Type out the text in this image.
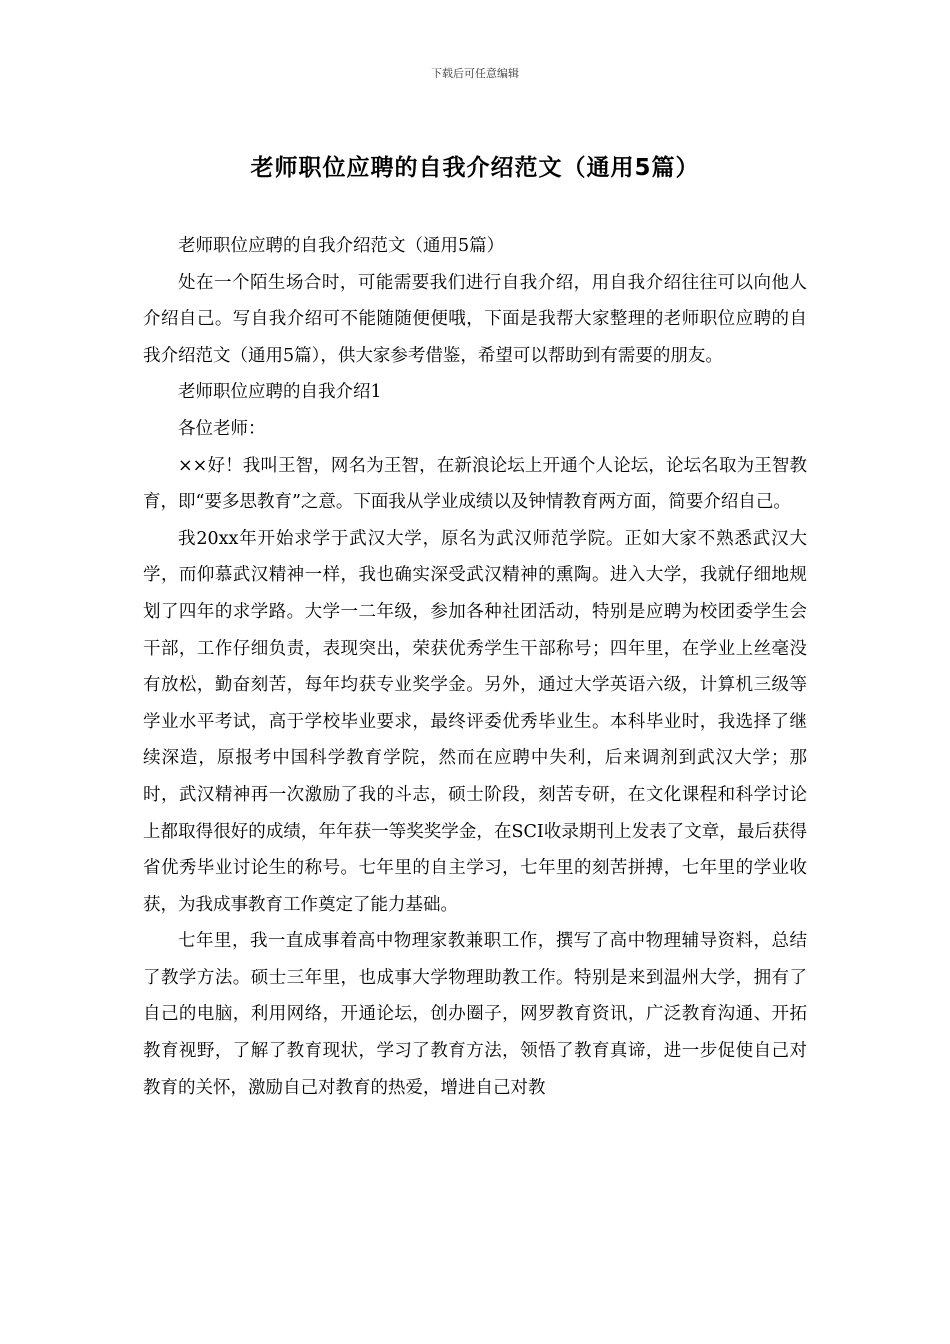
下载后可任意编辑
老师职位应聘的自我介绍范文（通用5篇）

老师职位应聘的自我介绍范文（通用5篇）

处在一个陌生场合时，可能需要我们进行自我介绍，用自我介绍往往可以向他人介绍自己。写自我介绍可不能随随便便哦，下面是我帮大家整理的老师职位应聘的自我介绍范文（通用5篇），供大家参考借鉴，希望可以帮助到有需要的朋友。

老师职位应聘的自我介绍1

各位老师：

××好！我叫王智，网名为王智，在新浪论坛上开通个人论坛，论坛名取为王智教育，即“要多思教育”之意。下面我从学业成绩以及钟情教育两方面，简要介绍自己。

我20xx年开始求学于武汉大学，原名为武汉师范学院。正如大家不熟悉武汉大学，而仰慕武汉精神一样，我也确实深受武汉精神的熏陶。进入大学，我就仔细地规划了四年的求学路。大学一二年级，参加各种社团活动，特别是应聘为校团委学生会干部，工作仔细负责，表现突出，荣获优秀学生干部称号；四年里，在学业上丝毫没有放松，勤奋刻苦，每年均获专业奖学金。另外，通过大学英语六级，计算机三级等学业水平考试，高于学校毕业要求，最终评委优秀毕业生。本科毕业时，我选择了继续深造，原报考中国科学教育学院，然而在应聘中失利，后来调剂到武汉大学；那时，武汉精神再一次激励了我的斗志，硕士阶段，刻苦专研，在文化课程和科学讨论上都取得很好的成绩，年年获一等奖奖学金，在SCI收录期刊上发表了文章，最后获得省优秀毕业讨论生的称号。七年里的自主学习，七年里的刻苦拼搏，七年里的学业收获，为我成事教育工作奠定了能力基础。

七年里，我一直成事着高中物理家教兼职工作，撰写了高中物理辅导资料，总结了教学方法。硕士三年里，也成事大学物理助教工作。特别是来到温州大学，拥有了自己的电脑，利用网络，开通论坛，创办圈子，网罗教育资讯，广泛教育沟通、开拓教育视野，了解了教育现状，学习了教育方法，领悟了教育真谛，进一步促使自己对教育的关怀，激励自己对教育的热爱，增进自己对教
